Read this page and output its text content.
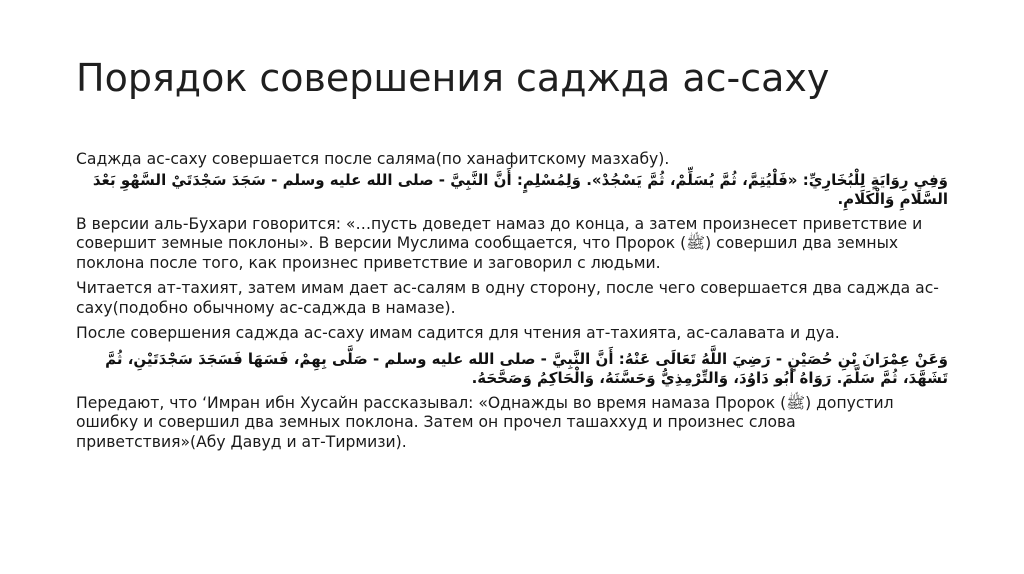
Порядок совершения саджда ас-саху

Саджда ас-саху совершается после саляма(по ханафитскому мазхабу).

وَفِي رِوَايَةٍ لِلْبُخَارِيِّ: «فَلْيُتِمَّ، ثُمَّ يُسَلِّمْ، ثُمَّ يَسْجُدْ». وَلِمُسْلِمٍ: أَنَّ النَّبِيَّ - صلى الله عليه وسلم - سَجَدَ سَجْدَتَيْ السَّهْوِ بَعْدَ السَّلَامِ وَالْكَلَامِ.

В версии аль-Бухари говорится: «…пусть доведет намаз до конца, а затем произнесет приветствие и совершит земные поклоны». В версии Муслима сообщается, что Пророк (ﷺ) совершил два земных поклона после того, как произнес приветствие и заговорил с людьми.

Читается ат-тахият, затем имам дает ас-салям в одну сторону, после чего совершается два саджда ас-саху(подобно обычному ас-саджда в намазе).

После совершения саджда ас-саху имам садится для чтения ат-тахията, ас-салавата и дуа.

وَعَنْ عِمْرَانَ بْنِ حُصَيْنٍ - رَضِيَ اللَّهُ تَعَالَى عَنْهُ: أَنَّ النَّبِيَّ - صلى الله عليه وسلم - صَلَّى بِهِمْ، فَسَهَا فَسَجَدَ سَجْدَتَيْنِ، ثُمَّ تَشَهَّدَ، ثُمَّ سَلَّمَ. رَوَاهُ أَبُو دَاوُدَ، وَالتِّرْمِذِيُّ وَحَسَّنَهُ، وَالْحَاكِمُ وَصَحَّحَهُ.

Передают, что ‘Имран ибн Хусайн рассказывал: «Однажды во время намаза Пророк (ﷺ) допустил ошибку и совершил два земных поклона. Затем он прочел ташаххуд и произнес слова приветствия»(Абу Давуд и ат-Тирмизи).
